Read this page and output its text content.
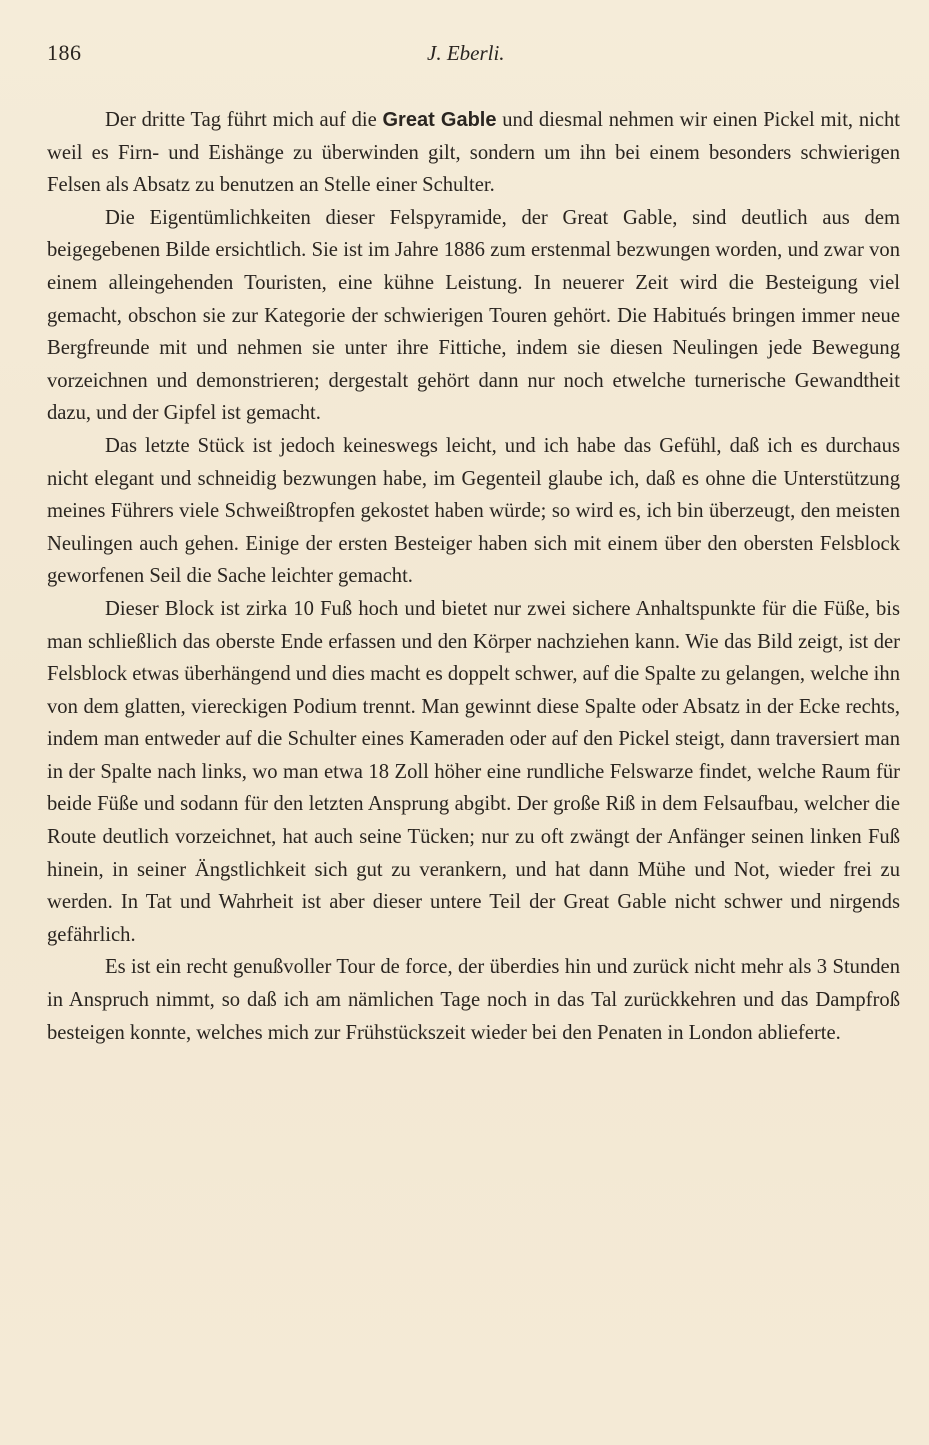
186	J. Eberli.

Der dritte Tag führt mich auf die Great Gable und diesmal nehmen wir einen Pickel mit, nicht weil es Firn- und Eishänge zu überwinden gilt, sondern um ihn bei einem besonders schwierigen Felsen als Absatz zu benutzen an Stelle einer Schulter.

Die Eigentümlichkeiten dieser Felspyramide, der Great Gable, sind deutlich aus dem beigegebenen Bilde ersichtlich. Sie ist im Jahre 1886 zum erstenmal bezwungen worden, und zwar von einem alleingehenden Touristen, eine kühne Leistung. In neuerer Zeit wird die Besteigung viel gemacht, obschon sie zur Kategorie der schwierigen Touren gehört. Die Habitués bringen immer neue Bergfreunde mit und nehmen sie unter ihre Fittiche, indem sie diesen Neulingen jede Bewegung vorzeichnen und demonstrieren; dergestalt gehört dann nur noch etwelche turnerische Gewandtheit dazu, und der Gipfel ist gemacht.

Das letzte Stück ist jedoch keineswegs leicht, und ich habe das Gefühl, daß ich es durchaus nicht elegant und schneidig bezwungen habe, im Gegenteil glaube ich, daß es ohne die Unterstützung meines Führers viele Schweißtropfen gekostet haben würde; so wird es, ich bin überzeugt, den meisten Neulingen auch gehen. Einige der ersten Besteiger haben sich mit einem über den obersten Felsblock geworfenen Seil die Sache leichter gemacht.

Dieser Block ist zirka 10 Fuß hoch und bietet nur zwei sichere Anhaltspunkte für die Füße, bis man schließlich das oberste Ende erfassen und den Körper nachziehen kann. Wie das Bild zeigt, ist der Felsblock etwas überhängend und dies macht es doppelt schwer, auf die Spalte zu gelangen, welche ihn von dem glatten, viereckigen Podium trennt. Man gewinnt diese Spalte oder Absatz in der Ecke rechts, indem man entweder auf die Schulter eines Kameraden oder auf den Pickel steigt, dann traversiert man in der Spalte nach links, wo man etwa 18 Zoll höher eine rundliche Felswarze findet, welche Raum für beide Füße und sodann für den letzten Ansprung abgibt. Der große Riß in dem Felsaufbau, welcher die Route deutlich vorzeichnet, hat auch seine Tücken; nur zu oft zwängt der Anfänger seinen linken Fuß hinein, in seiner Ängstlichkeit sich gut zu verankern, und hat dann Mühe und Not, wieder frei zu werden. In Tat und Wahrheit ist aber dieser untere Teil der Great Gable nicht schwer und nirgends gefährlich.

Es ist ein recht genußvoller Tour de force, der überdies hin und zurück nicht mehr als 3 Stunden in Anspruch nimmt, so daß ich am nämlichen Tage noch in das Tal zurückkehren und das Dampfroß besteigen konnte, welches mich zur Frühstückszeit wieder bei den Penaten in London ablieferte.
